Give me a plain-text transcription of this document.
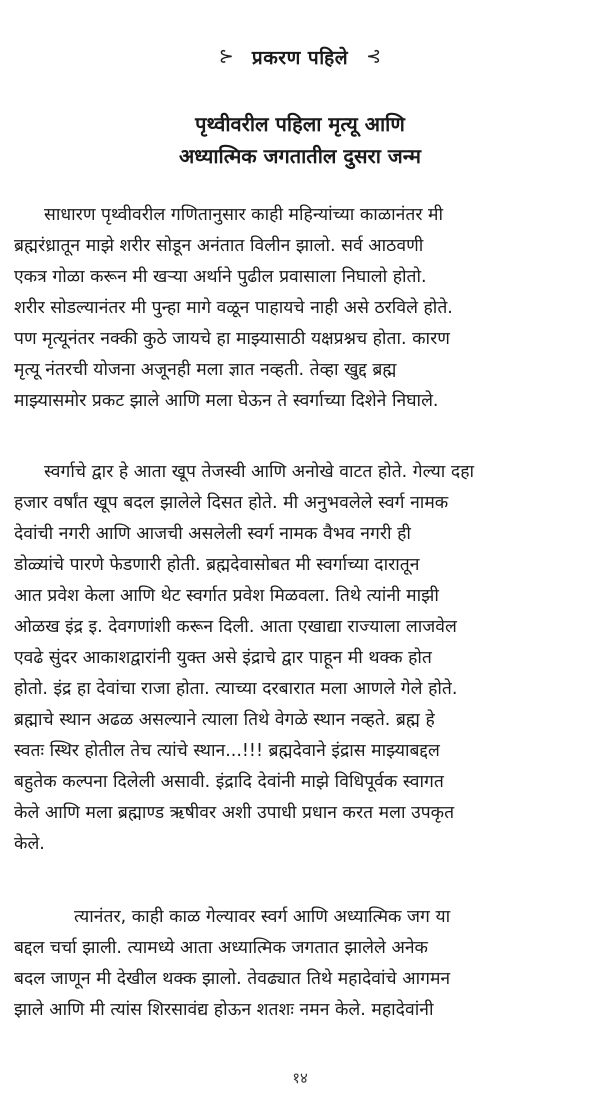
⊱ प्रकरण पहिले ⊰
पृथ्वीवरील पहिला मृत्यू आणि
अध्यात्मिक जगतातील दुसरा जन्म

साधारण पृथ्वीवरील गणितानुसार काही महिन्यांच्या काळानंतर मी
ब्रह्मरंध्रातून माझे शरीर सोडून अनंतात विलीन झालो. सर्व आठवणी
एकत्र गोळा करून मी खऱ्या अर्थाने पुढील प्रवासाला निघालो होतो.
शरीर सोडल्यानंतर मी पुन्हा मागे वळून पाहायचे नाही असे ठरविले होते.
पण मृत्यूनंतर नक्की कुठे जायचे हा माझ्यासाठी यक्षप्रश्नच होता. कारण
मृत्यू नंतरची योजना अजूनही मला ज्ञात नव्हती. तेव्हा खुद्द ब्रह्म
माझ्यासमोर प्रकट झाले आणि मला घेऊन ते स्वर्गाच्या दिशेने निघाले.

स्वर्गाचे द्वार हे आता खूप तेजस्वी आणि अनोखे वाटत होते. गेल्या दहा
हजार वर्षांत खूप बदल झालेले दिसत होते. मी अनुभवलेले स्वर्ग नामक
देवांची नगरी आणि आजची असलेली स्वर्ग नामक वैभव नगरी ही
डोळ्यांचे पारणे फेडणारी होती. ब्रह्मदेवासोबत मी स्वर्गाच्या दारातून
आत प्रवेश केला आणि थेट स्वर्गात प्रवेश मिळवला. तिथे त्यांनी माझी
ओळख इंद्र इ. देवगणांशी करून दिली. आता एखाद्या राज्याला लाजवेल
एवढे सुंदर आकाशद्वारांनी युक्त असे इंद्राचे द्वार पाहून मी थक्क होत
होतो. इंद्र हा देवांचा राजा होता. त्याच्या दरबारात मला आणले गेले होते.
ब्रह्माचे स्थान अढळ असल्याने त्याला तिथे वेगळे स्थान नव्हते. ब्रह्म हे
स्वतः स्थिर होतील तेच त्यांचे स्थान...!!! ब्रह्मदेवाने इंद्रास माझ्याबद्दल
बहुतेक कल्पना दिलेली असावी. इंद्रादि देवांनी माझे विधिपूर्वक स्वागत
केले आणि मला ब्रह्माण्ड ऋषीवर अशी उपाधी प्रधान करत मला उपकृत
केले.

त्यानंतर, काही काळ गेल्यावर स्वर्ग आणि अध्यात्मिक जग या
बद्दल चर्चा झाली. त्यामध्ये आता अध्यात्मिक जगतात झालेले अनेक
बदल जाणून मी देखील थक्क झालो. तेवढ्यात तिथे महादेवांचे आगमन
झाले आणि मी त्यांस शिरसावंद्य होऊन शतशः नमन केले. महादेवांनी

१४
